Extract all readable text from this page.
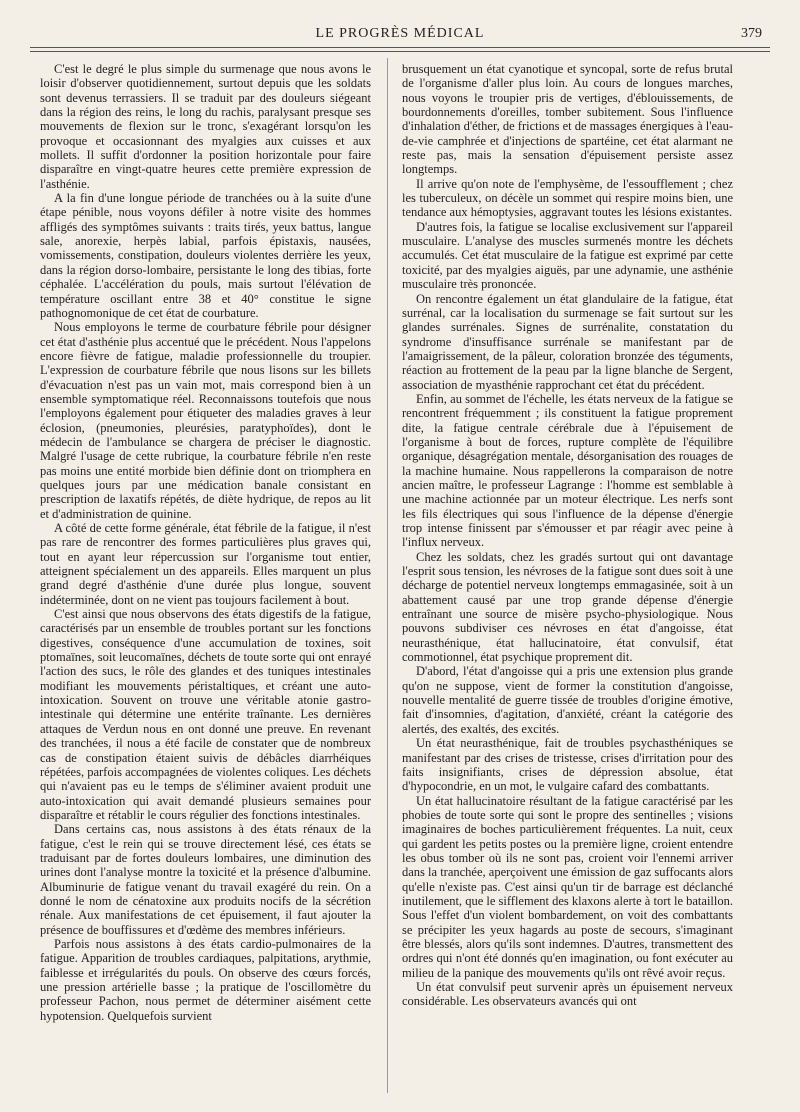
LE PROGRÈS MÉDICAL	379

C'est le degré le plus simple du surmenage que nous avons le loisir d'observer quotidiennement, surtout depuis que les soldats sont devenus terrassiers. Il se traduit par des douleurs siégeant dans la région des reins, le long du rachis, paralysant presque ses mouvements de flexion sur le tronc, s'exagérant lorsqu'on les provoque et occasionnant des myalgies aux cuisses et aux mollets. Il suffit d'ordonner la position horizontale pour faire disparaître en vingt-quatre heures cette première expression de l'asthénie.

A la fin d'une longue période de tranchées ou à la suite d'une étape pénible, nous voyons défiler à notre visite des hommes affligés des symptômes suivants : traits tirés, yeux battus, langue sale, anorexie, herpès labial, parfois épistaxis, nausées, vomissements, constipation, douleurs violentes derrière les yeux, dans la région dorso-lombaire, persistante le long des tibias, forte céphalée. L'accélération du pouls, mais surtout l'élévation de température oscillant entre 38 et 40° constitue le signe pathognomonique de cet état de courbature.

Nous employons le terme de courbature fébrile pour désigner cet état d'asthénie plus accentué que le précédent. Nous l'appelons encore fièvre de fatigue, maladie professionnelle du troupier. L'expression de courbature fébrile que nous lisons sur les billets d'évacuation n'est pas un vain mot, mais correspond bien à un ensemble symptomatique réel. Reconnaissons toutefois que nous l'employons également pour étiqueter des maladies graves à leur éclosion, (pneumonies, pleurésies, paratyphoïdes), dont le médecin de l'ambulance se chargera de préciser le diagnostic. Malgré l'usage de cette rubrique, la courbature fébrile n'en reste pas moins une entité morbide bien définie dont on triomphera en quelques jours par une médication banale consistant en prescription de laxatifs répétés, de diète hydrique, de repos au lit et d'administration de quinine.

A côté de cette forme générale, état fébrile de la fatigue, il n'est pas rare de rencontrer des formes particulières plus graves qui, tout en ayant leur répercussion sur l'organisme tout entier, atteignent spécialement un des appareils. Elles marquent un plus grand degré d'asthénie d'une durée plus longue, souvent indéterminée, dont on ne vient pas toujours facilement à bout.

C'est ainsi que nous observons des états digestifs de la fatigue, caractérisés par un ensemble de troubles portant sur les fonctions digestives, conséquence d'une accumulation de toxines, soit ptomaïnes, soit leucomaïnes, déchets de toute sorte qui ont enrayé l'action des sucs, le rôle des glandes et des tuniques intestinales modifiant les mouvements péristaltiques, et créant une auto-intoxication. Souvent on trouve une véritable atonie gastro-intestinale qui détermine une entérite traînante. Les dernières attaques de Verdun nous en ont donné une preuve. En revenant des tranchées, il nous a été facile de constater que de nombreux cas de constipation étaient suivis de débâcles diarrhéiques répétées, parfois accompagnées de violentes coliques. Les déchets qui n'avaient pas eu le temps de s'éliminer avaient produit une auto-intoxication qui avait demandé plusieurs semaines pour disparaître et rétablir le cours régulier des fonctions intestinales.

Dans certains cas, nous assistons à des états rénaux de la fatigue, c'est le rein qui se trouve directement lésé, ces états se traduisant par de fortes douleurs lombaires, une diminution des urines dont l'analyse montre la toxicité et la présence d'albumine. Albuminurie de fatigue venant du travail exagéré du rein. On a donné le nom de cénatoxine aux produits nocifs de la sécrétion rénale. Aux manifestations de cet épuisement, il faut ajouter la présence de bouffissures et d'œdème des membres inférieurs.

Parfois nous assistons à des états cardio-pulmonaires de la fatigue. Apparition de troubles cardiaques, palpitations, arythmie, faiblesse et irrégularités du pouls. On observe des cœurs forcés, une pression artérielle basse ; la pratique de l'oscillomètre du professeur Pachon, nous permet de déterminer aisément cette hypotension. Quelquefois survient

brusquement un état cyanotique et syncopal, sorte de refus brutal de l'organisme d'aller plus loin. Au cours de longues marches, nous voyons le troupier pris de vertiges, d'éblouissements, de bourdonnements d'oreilles, tomber subitement. Sous l'influence d'inhalation d'éther, de frictions et de massages énergiques à l'eau-de-vie camphrée et d'injections de spartéine, cet état alarmant ne reste pas, mais la sensation d'épuisement persiste assez longtemps.

Il arrive qu'on note de l'emphysème, de l'essoufflement ; chez les tuberculeux, on décèle un sommet qui respire moins bien, une tendance aux hémoptysies, aggravant toutes les lésions existantes.

D'autres fois, la fatigue se localise exclusivement sur l'appareil musculaire. L'analyse des muscles surmenés montre les déchets accumulés. Cet état musculaire de la fatigue est exprimé par cette toxicité, par des myalgies aiguës, par une adynamie, une asthénie musculaire très prononcée.

On rencontre également un état glandulaire de la fatigue, état surrénal, car la localisation du surmenage se fait surtout sur les glandes surrénales. Signes de surrénalite, constatation du syndrome d'insuffisance surrénale se manifestant par de l'amaigrissement, de la pâleur, coloration bronzée des téguments, réaction au frottement de la peau par la ligne blanche de Sergent, association de myasthénie rapprochant cet état du précédent.

Enfin, au sommet de l'échelle, les états nerveux de la fatigue se rencontrent fréquemment ; ils constituent la fatigue proprement dite, la fatigue centrale cérébrale due à l'épuisement de l'organisme à bout de forces, rupture complète de l'équilibre organique, désagrégation mentale, désorganisation des rouages de la machine humaine. Nous rappellerons la comparaison de notre ancien maître, le professeur Lagrange : l'homme est semblable à une machine actionnée par un moteur électrique. Les nerfs sont les fils électriques qui sous l'influence de la dépense d'énergie trop intense finissent par s'émousser et par réagir avec peine à l'influx nerveux.

Chez les soldats, chez les gradés surtout qui ont davantage l'esprit sous tension, les névroses de la fatigue sont dues soit à une décharge de potentiel nerveux longtemps emmagasinée, soit à un abattement causé par une trop grande dépense d'énergie entraînant une source de misère psycho-physiologique. Nous pouvons subdiviser ces névroses en état d'angoisse, état neurasthénique, état hallucinatoire, état convulsif, état commotionnel, état psychique proprement dit.

D'abord, l'état d'angoisse qui a pris une extension plus grande qu'on ne suppose, vient de former la constitution d'angoisse, nouvelle mentalité de guerre tissée de troubles d'origine émotive, fait d'insomnies, d'agitation, d'anxiété, créant la catégorie des alertés, des exaltés, des excités.

Un état neurasthénique, fait de troubles psychasthéniques se manifestant par des crises de tristesse, crises d'irritation pour des faits insignifiants, crises de dépression absolue, état d'hypocondrie, en un mot, le vulgaire cafard des combattants.

Un état hallucinatoire résultant de la fatigue caractérisé par les phobies de toute sorte qui sont le propre des sentinelles ; visions imaginaires de boches particulièrement fréquentes. La nuit, ceux qui gardent les petits postes ou la première ligne, croient entendre les obus tomber où ils ne sont pas, croient voir l'ennemi arriver dans la tranchée, aperçoivent une émission de gaz suffocants alors qu'elle n'existe pas. C'est ainsi qu'un tir de barrage est déclanché inutilement, que le sifflement des klaxons alerte à tort le bataillon. Sous l'effet d'un violent bombardement, on voit des combattants se précipiter les yeux hagards au poste de secours, s'imaginant être blessés, alors qu'ils sont indemnes. D'autres, transmettent des ordres qui n'ont été donnés qu'en imagination, ou font exécuter au milieu de la panique des mouvements qu'ils ont rêvé avoir reçus.

Un état convulsif peut survenir après un épuisement nerveux considérable. Les observateurs avancés qui ont
